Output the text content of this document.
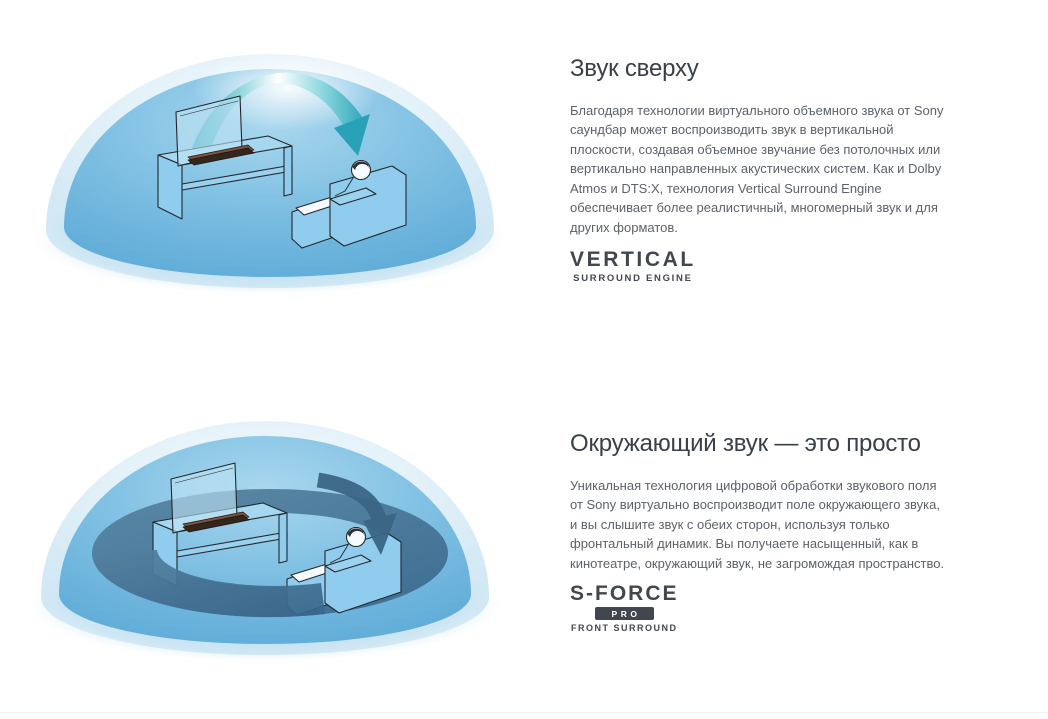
Звук сверху

Благодаря технологии виртуального объемного звука от Sony саундбар может воспроизводить звук в вертикальной плоскости, создавая объемное звучание без потолочных или вертикально направленных акустических систем. Как и Dolby Atmos и DTS:X, технология Vertical Surround Engine обеспечивает более реалистичный, многомерный звук и для других форматов.

VERTICAL
SURROUND ENGINE
Окружающий звук — это просто

Уникальная технология цифровой обработки звукового поля от Sony виртуально воспроизводит поле окружающего звука, и вы слышите звук с обеих сторон, используя только фронтальный динамик. Вы получаете насыщенный, как в кинотеатре, окружающий звук, не загромождая пространство.

S-FORCE
PRO
FRONT SURROUND
